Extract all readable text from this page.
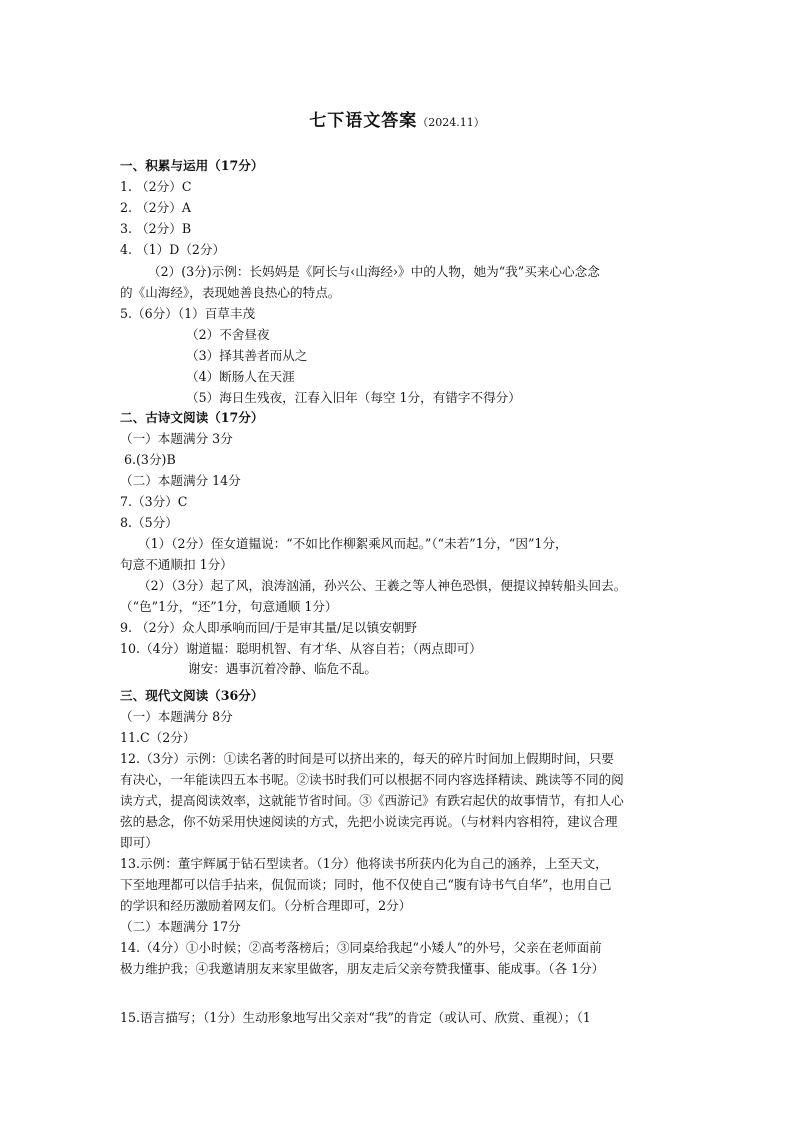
七下语文答案（2024.11）
一、积累与运用（17分）
1. （2分）C
2. （2分）A
3. （2分）B
4. （1）D（2分）
（2）(3分)示例：长妈妈是《阿长与‹山海经›》中的人物，她为“我”买来心心念念
的《山海经》，表现她善良热心的特点。
5.（6分）（1）百草丰茂
（2）不舍昼夜
（3）择其善者而从之
（4）断肠人在天涯
（5）海日生残夜，江春入旧年（每空 1分，有错字不得分）
二、古诗文阅读（17分）
（一）本题满分 3分
6.(3分)B
（二）本题满分 14分
7.（3分）C
8.（5分）
（1）（2分）侄女道韫说：“不如比作柳絮乘风而起。”（“未若”1分，“因”1分，
句意不通顺扣 1分）
（2）（3分）起了风，浪涛汹涌，孙兴公、王羲之等人神色恐惧，便提议掉转船头回去。
（“色”1分，“还”1分，句意通顺 1分）
9. （2分）众人即承响而回/于是审其量/足以镇安朝野
10.（4分）谢道韫：聪明机智、有才华、从容自若；（两点即可）
谢安：遇事沉着冷静、临危不乱。
三、现代文阅读（36分）
（一）本题满分 8分
11.C（2分）
12.（3分）示例：①读名著的时间是可以挤出来的，每天的碎片时间加上假期时间，只要
有决心，一年能读四五本书呢。②读书时我们可以根据不同内容选择精读、跳读等不同的阅
读方式，提高阅读效率，这就能节省时间。③《西游记》有跌宕起伏的故事情节，有扣人心
弦的悬念，你不妨采用快速阅读的方式，先把小说读完再说。（与材料内容相符，建议合理
即可）
13.示例：董宇辉属于钻石型读者。（1分）他将读书所获内化为自己的涵养，上至天文，
下至地理都可以信手拈来，侃侃而谈；同时，他不仅使自己“腹有诗书气自华”，也用自己
的学识和经历激励着网友们。（分析合理即可，2分）
（二）本题满分 17分
14.（4分）①小时候；②高考落榜后；③同桌给我起“小矮人”的外号，父亲在老师面前
极力维护我；④我邀请朋友来家里做客，朋友走后父亲夸赞我懂事、能成事。（各 1分）
15.语言描写；（1分）生动形象地写出父亲对“我”的肯定（或认可、欣赏、重视）；（1
